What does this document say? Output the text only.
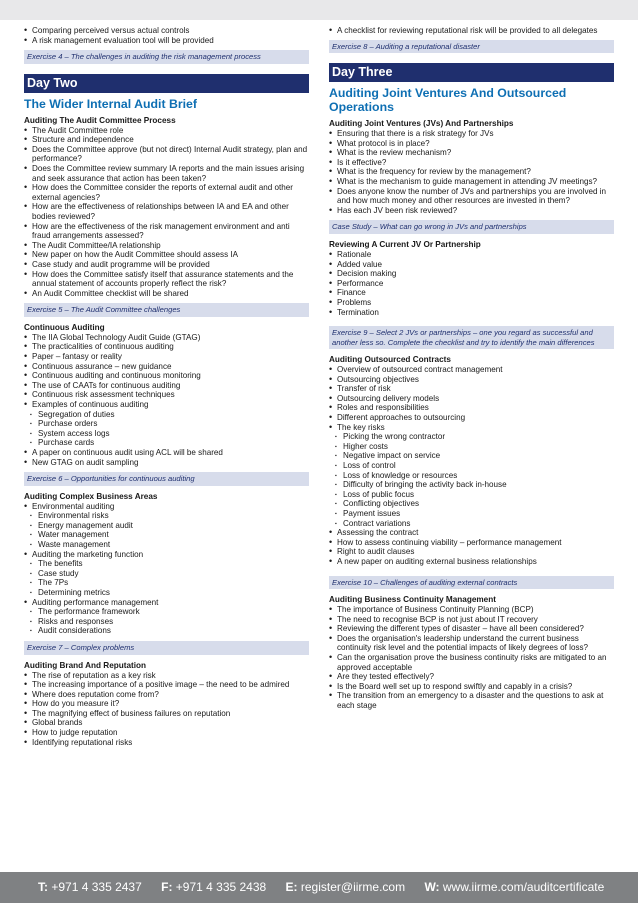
• Comparing perceived versus actual controls
• A risk management evaluation tool will be provided
Exercise 4 – The challenges in auditing the risk management process
Day Two
The Wider Internal Audit Brief
Auditing The Audit Committee Process
• The Audit Committee role
• Structure and independence
• Does the Committee approve (but not direct) Internal Audit strategy, plan and performance?
• Does the Committee review summary IA reports and the main issues arising and seek assurance that action has been taken?
• How does the Committee consider the reports of external audit and other external agencies?
• How are the effectiveness of relationships between IA and EA and other bodies reviewed?
• How are the effectiveness of the risk management environment and anti fraud arrangements assessed?
• The Audit Committee/IA relationship
• New paper on how the Audit Committee should assess IA
• Case study and audit programme will be provided
• How does the Committee satisfy itself that assurance statements and the annual statement of accounts properly reflect the risk?
• An Audit Committee checklist will be shared
Exercise 5 – The Audit Committee challenges
Continuous Auditing
• The IIA Global Technology Audit Guide (GTAG)
• The practicalities of continuous auditing
• Paper – fantasy or reality
• Continuous assurance – new guidance
• Continuous auditing and continuous monitoring
• The use of CAATs for continuous auditing
• Continuous risk assessment techniques
• Examples of continuous auditing
▪ Segregation of duties
▪ Purchase orders
▪ System access logs
▪ Purchase cards
• A paper on continuous audit using ACL will be shared
• New GTAG on audit sampling
Exercise 6 – Opportunities for continuous auditing
Auditing Complex Business Areas
• Environmental auditing
▪ Environmental risks
▪ Energy management audit
▪ Water management
▪ Waste management
• Auditing the marketing function
▪ The benefits
▪ Case study
▪ The 7Ps
▪ Determining metrics
• Auditing performance management
▪ The performance framework
▪ Risks and responses
▪ Audit considerations
Exercise 7 – Complex problems
Auditing Brand And Reputation
• The rise of reputation as a key risk
• The increasing importance of a positive image – the need to be admired
• Where does reputation come from?
• How do you measure it?
• The magnifying effect of business failures on reputation
• Global brands
• How to judge reputation
• Identifying reputational risks
• A checklist for reviewing reputational risk will be provided to all delegates
Exercise 8 – Auditing a reputational disaster
Day Three
Auditing Joint Ventures And Outsourced Operations
Auditing Joint Ventures (JVs) And Partnerships
• Ensuring that there is a risk strategy for JVs
• What protocol is in place?
• What is the review mechanism?
• Is it effective?
• What is the frequency for review by the management?
• What is the mechanism to guide management in attending JV meetings?
• Does anyone know the number of JVs and partnerships you are involved in and how much money and other resources are invested in them?
• Has each JV been risk reviewed?
Case Study – What can go wrong in JVs and partnerships
Reviewing A Current JV Or Partnership
• Rationale
• Added value
• Decision making
• Performance
• Finance
• Problems
• Termination
Exercise 9 – Select 2 JVs or partnerships – one you regard as successful and another less so. Complete the checklist and try to identify the main differences
Auditing Outsourced Contracts
• Overview of outsourced contract management
• Outsourcing objectives
• Transfer of risk
• Outsourcing delivery models
• Roles and responsibilities
• Different approaches to outsourcing
• The key risks
▪ Picking the wrong contractor
▪ Higher costs
▪ Negative impact on service
▪ Loss of control
▪ Loss of knowledge or resources
▪ Difficulty of bringing the activity back in-house
▪ Loss of public focus
▪ Conflicting objectives
▪ Payment issues
▪ Contract variations
• Assessing the contract
• How to assess continuing viability – performance management
• Right to audit clauses
• A new paper on auditing external business relationships
Exercise 10 – Challenges of auditing external contracts
Auditing Business Continuity Management
• The importance of Business Continuity Planning (BCP)
• The need to recognise BCP is not just about IT recovery
• Reviewing the different types of disaster – have all been considered?
• Does the organisation's leadership understand the current business continuity risk level and the potential impacts of likely degrees of loss?
• Can the organisation prove the business continuity risks are mitigated to an approved acceptable
• Are they tested effectively?
• Is the Board well set up to respond swiftly and capably in a crisis?
• The transition from an emergency to a disaster and the questions to ask at each stage
T: +971 4 335 2437 F: +971 4 335 2438 E: register@iirme.com W: www.iirme.com/auditcertificate
